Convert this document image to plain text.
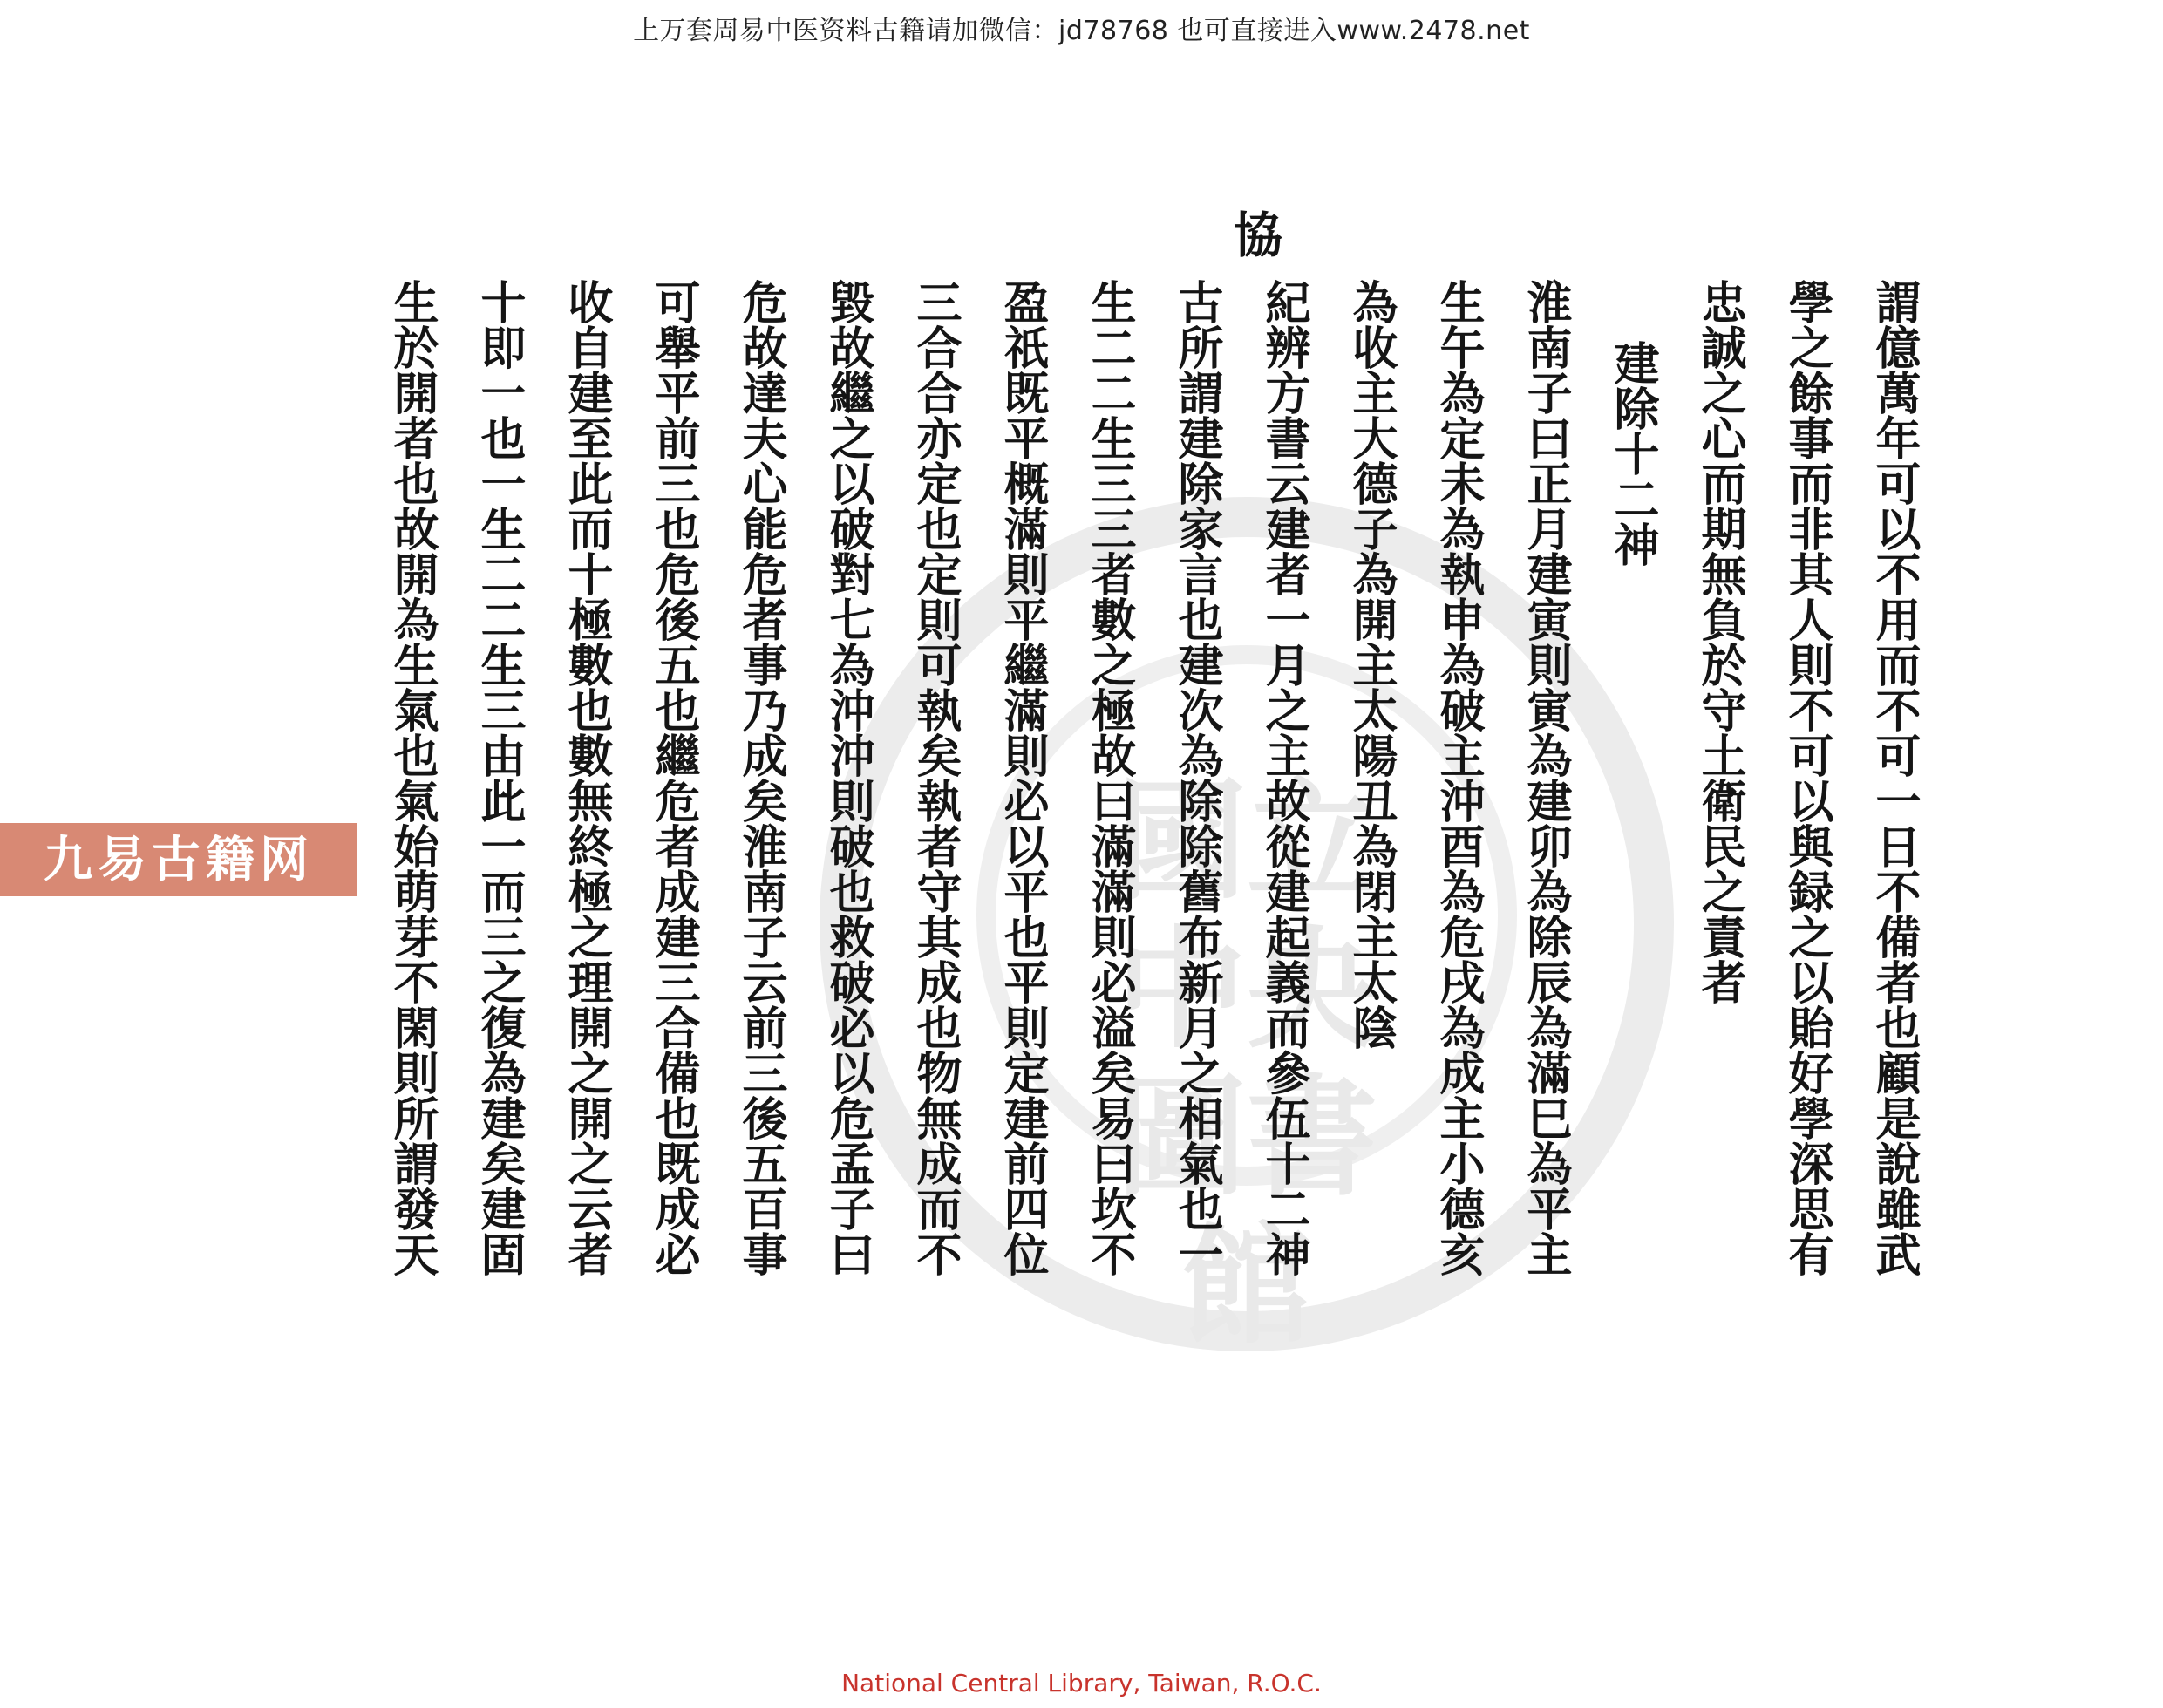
上万套周易中医资料古籍请加微信：jd78768 也可直接进入www.2478.net
國立中央圖書館
協
謂億萬年可以不用而不可一日不備者也顧是說雖武
學之餘事而非其人則不可以與録之以貽好學深思有
忠誠之心而期無負於守土衛民之責者
建除十二神
淮南子曰正月建寅則寅為建卯為除辰為滿巳為平主
生午為定未為執申為破主沖酉為危戌為成主小德亥
為收主大德子為開主太陽丑為閉主太陰
紀辨方書云建者一月之主故從建起義而參伍十二神
古所謂建除家言也建次為除除舊布新月之相氣也一
生二二生三三者數之極故曰滿滿則必溢矣易曰坎不
盈祇既平概滿則平繼滿則必以平也平則定建前四位
三合合亦定也定則可執矣執者守其成也物無成而不
毀故繼之以破對七為沖沖則破也救破必以危孟子曰
危故達夫心能危者事乃成矣淮南子云前三後五百事
可舉平前三也危後五也繼危者成建三合備也既成必
收自建至此而十極數也數無終極之理開之開之云者
十即一也一生二二生三由此一而三之復為建矣建固
生於開者也故開為生氣也氣始萌芽不閑則所謂發天
九易古籍网
National Central Library, Taiwan, R.O.C.
